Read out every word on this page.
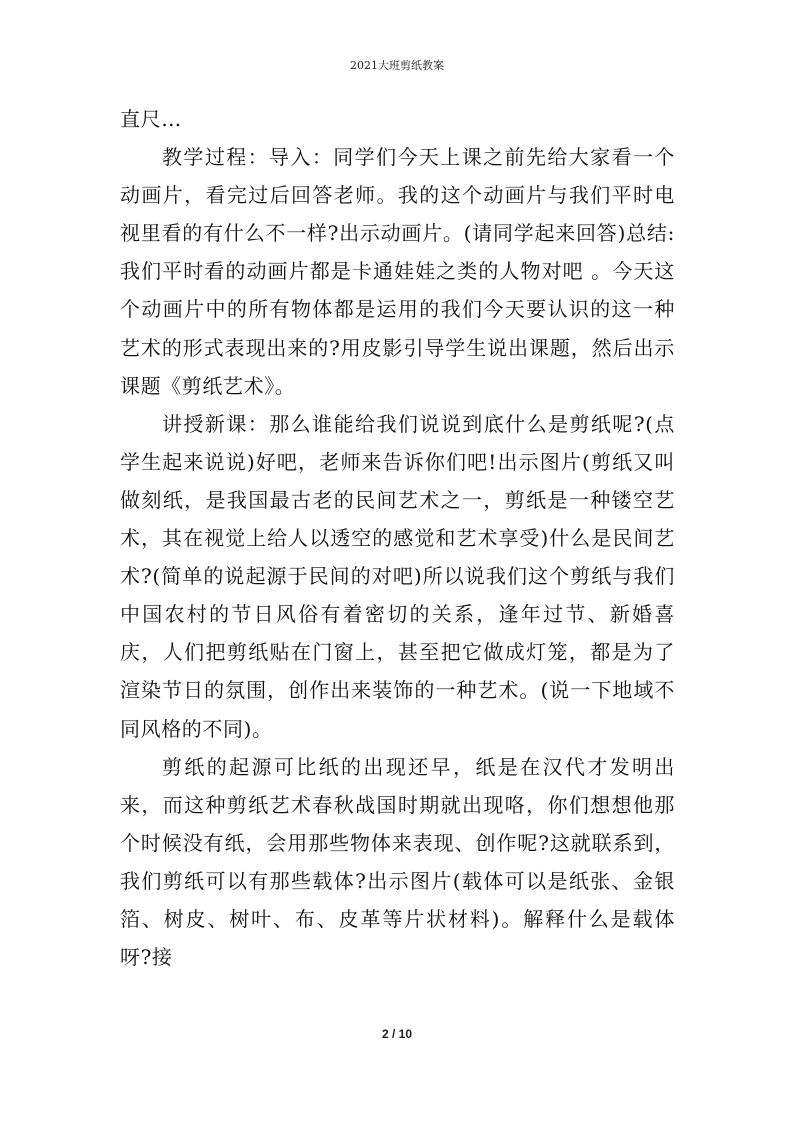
2021大班剪纸教案

直尺…

教学过程：导入：同学们今天上课之前先给大家看一个动画片，看完过后回答老师。我的这个动画片与我们平时电视里看的有什么不一样?出示动画片。(请同学起来回答)总结:我们平时看的动画片都是卡通娃娃之类的人物对吧 。今天这个动画片中的所有物体都是运用的我们今天要认识的这一种艺术的形式表现出来的?用皮影引导学生说出课题，然后出示课题《剪纸艺术》。

讲授新课：那么谁能给我们说说到底什么是剪纸呢?(点学生起来说说)好吧，老师来告诉你们吧!出示图片(剪纸又叫做刻纸，是我国最古老的民间艺术之一，剪纸是一种镂空艺术，其在视觉上给人以透空的感觉和艺术享受)什么是民间艺术?(简单的说起源于民间的对吧)所以说我们这个剪纸与我们中国农村的节日风俗有着密切的关系，逢年过节、新婚喜庆，人们把剪纸贴在门窗上，甚至把它做成灯笼，都是为了渲染节日的氛围，创作出来装饰的一种艺术。(说一下地域不同风格的不同)。

剪纸的起源可比纸的出现还早，纸是在汉代才发明出来，而这种剪纸艺术春秋战国时期就出现咯，你们想想他那个时候没有纸，会用那些物体来表现、创作呢?这就联系到，我们剪纸可以有那些载体?出示图片(载体可以是纸张、金银箔、树皮、树叶、布、皮革等片状材料)。解释什么是载体呀?接

2 / 10
